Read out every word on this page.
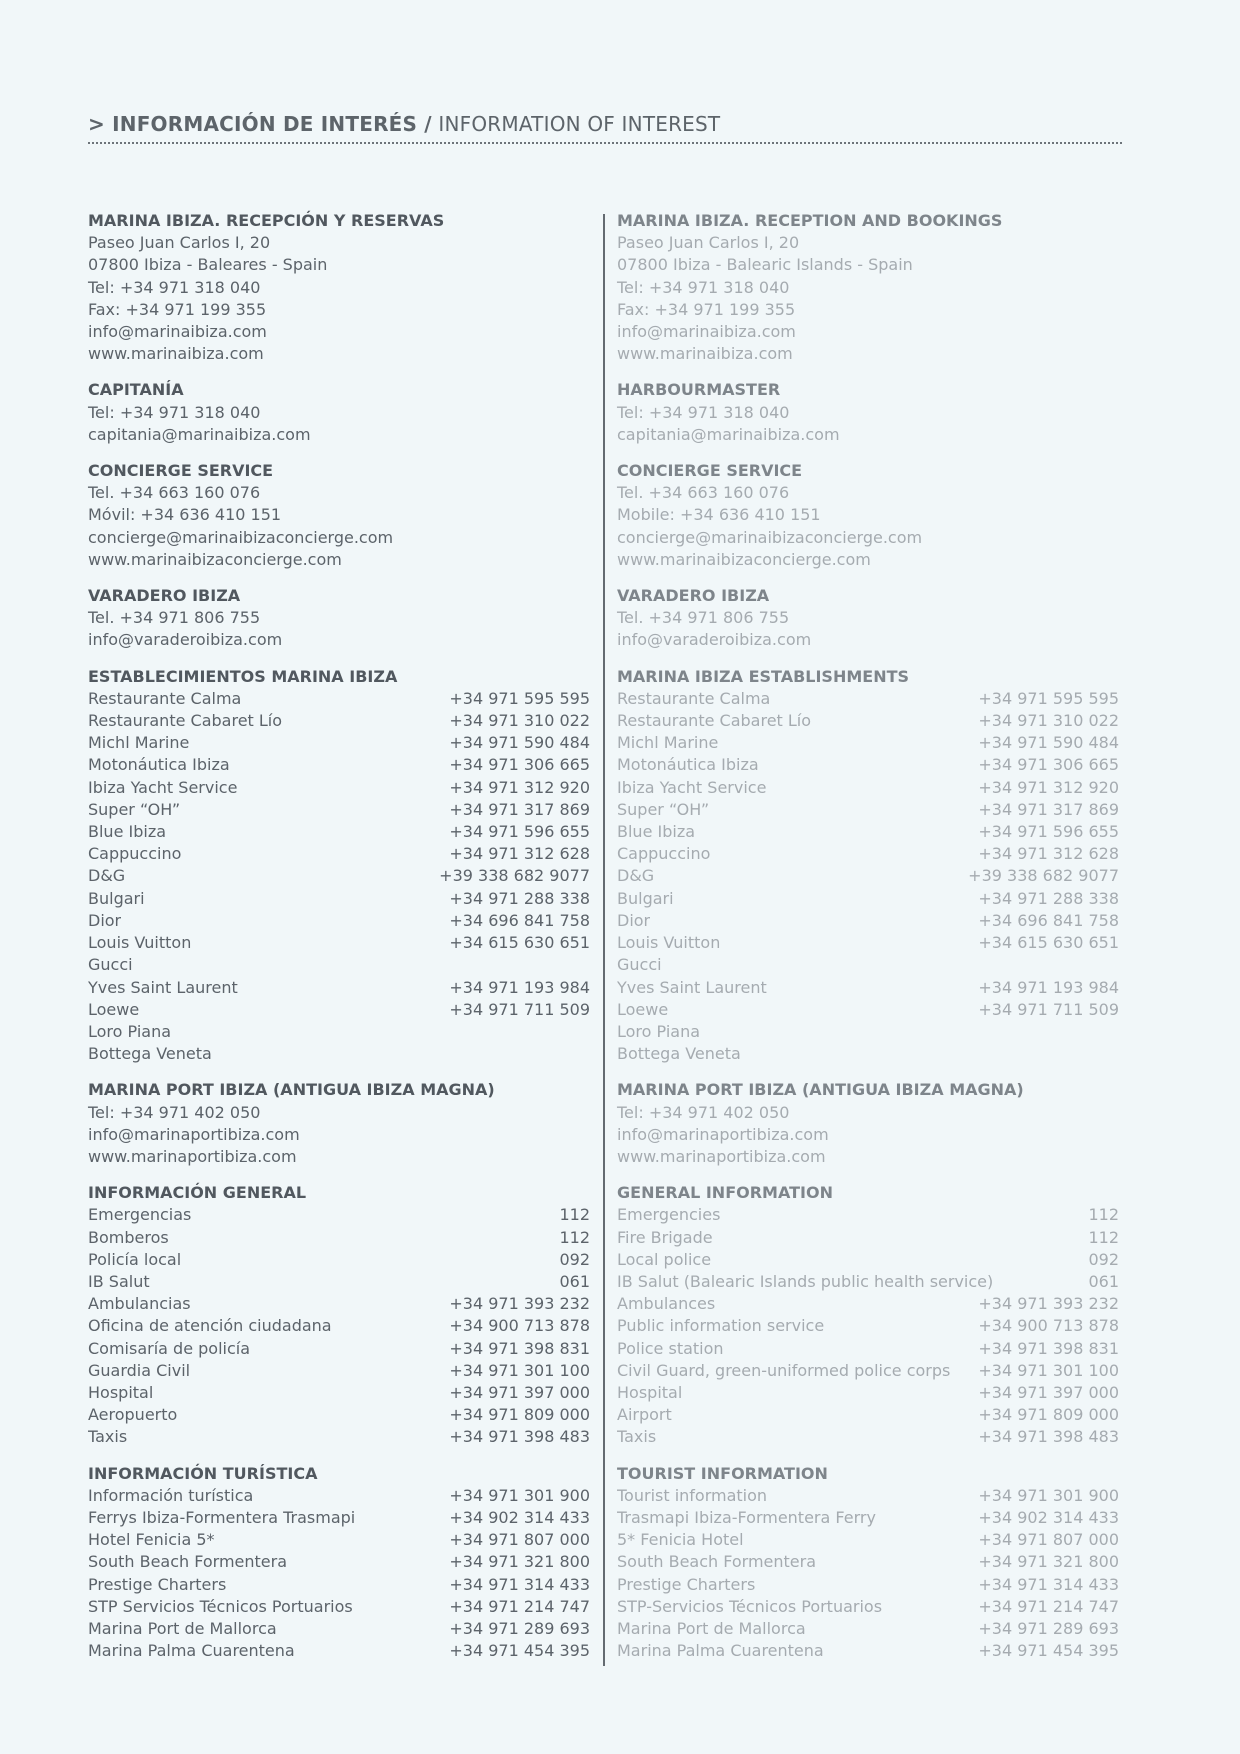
> INFORMACIÓN DE INTERÉS / INFORMATION OF INTEREST
MARINA IBIZA. RECEPCIÓN Y RESERVAS
Paseo Juan Carlos I, 20
07800 Ibiza - Baleares - Spain
Tel: +34 971 318 040
Fax: +34 971 199 355
info@marinaibiza.com
www.marinaibiza.com
CAPITANÍA
Tel: +34 971 318 040
capitania@marinaibiza.com
CONCIERGE SERVICE
Tel. +34 663 160 076
Móvil: +34 636 410 151
concierge@marinaibizaconcierge.com
www.marinaibizaconcierge.com
VARADERO IBIZA
Tel. +34 971 806 755
info@varaderoibiza.com
ESTABLECIMIENTOS MARINA IBIZA
Restaurante Calma	+34 971 595 595
Restaurante Cabaret Lío	+34 971 310 022
Michl Marine	+34 971 590 484
Motonáutica Ibiza	+34 971 306 665
Ibiza Yacht Service	+34 971 312 920
Super “OH”	+34 971 317 869
Blue Ibiza	+34 971 596 655
Cappuccino	+34 971 312 628
D&G	+39 338 682 9077
Bulgari	+34 971 288 338
Dior	+34 696 841 758
Louis Vuitton	+34 615 630 651
Gucci
Yves Saint Laurent	+34 971 193 984
Loewe	+34 971 711 509
Loro Piana
Bottega Veneta
MARINA PORT IBIZA (ANTIGUA IBIZA MAGNA)
Tel: +34 971 402 050
info@marinaportibiza.com
www.marinaportibiza.com
INFORMACIÓN GENERAL
Emergencias	112
Bomberos	112
Policía local	092
IB Salut	061
Ambulancias	+34 971 393 232
Oficina de atención ciudadana	+34 900 713 878
Comisaría de policía	+34 971 398 831
Guardia Civil	+34 971 301 100
Hospital	+34 971 397 000
Aeropuerto	+34 971 809 000
Taxis	+34 971 398 483
INFORMACIÓN TURÍSTICA
Información turística	+34 971 301 900
Ferrys Ibiza-Formentera Trasmapi	+34 902 314 433
Hotel Fenicia 5*	+34 971 807 000
South Beach Formentera	+34 971 321 800
Prestige Charters	+34 971 314 433
STP Servicios Técnicos Portuarios	+34 971 214 747
Marina Port de Mallorca	+34 971 289 693
Marina Palma Cuarentena	+34 971 454 395
MARINA IBIZA. RECEPTION AND BOOKINGS
Paseo Juan Carlos I, 20
07800 Ibiza - Balearic Islands - Spain
Tel: +34 971 318 040
Fax: +34 971 199 355
info@marinaibiza.com
www.marinaibiza.com
HARBOURMASTER
Tel: +34 971 318 040
capitania@marinaibiza.com
CONCIERGE SERVICE
Tel. +34 663 160 076
Mobile: +34 636 410 151
concierge@marinaibizaconcierge.com
www.marinaibizaconcierge.com
VARADERO IBIZA
Tel. +34 971 806 755
info@varaderoibiza.com
MARINA IBIZA ESTABLISHMENTS
Restaurante Calma	+34 971 595 595
Restaurante Cabaret Lío	+34 971 310 022
Michl Marine	+34 971 590 484
Motonáutica Ibiza	+34 971 306 665
Ibiza Yacht Service	+34 971 312 920
Super “OH”	+34 971 317 869
Blue Ibiza	+34 971 596 655
Cappuccino	+34 971 312 628
D&G	+39 338 682 9077
Bulgari	+34 971 288 338
Dior	+34 696 841 758
Louis Vuitton	+34 615 630 651
Gucci
Yves Saint Laurent	+34 971 193 984
Loewe	+34 971 711 509
Loro Piana
Bottega Veneta
MARINA PORT IBIZA (ANTIGUA IBIZA MAGNA)
Tel: +34 971 402 050
info@marinaportibiza.com
www.marinaportibiza.com
GENERAL INFORMATION
Emergencies	112
Fire Brigade	112
Local police	092
IB Salut (Balearic Islands public health service)	061
Ambulances	+34 971 393 232
Public information service	+34 900 713 878
Police station	+34 971 398 831
Civil Guard, green-uniformed police corps +34 971 301 100
Hospital	+34 971 397 000
Airport	+34 971 809 000
Taxis	+34 971 398 483
TOURIST INFORMATION
Tourist information	+34 971 301 900
Trasmapi Ibiza-Formentera Ferry	+34 902 314 433
5* Fenicia Hotel	+34 971 807 000
South Beach Formentera	+34 971 321 800
Prestige Charters	+34 971 314 433
STP-Servicios Técnicos Portuarios	+34 971 214 747
Marina Port de Mallorca	+34 971 289 693
Marina Palma Cuarentena	+34 971 454 395
